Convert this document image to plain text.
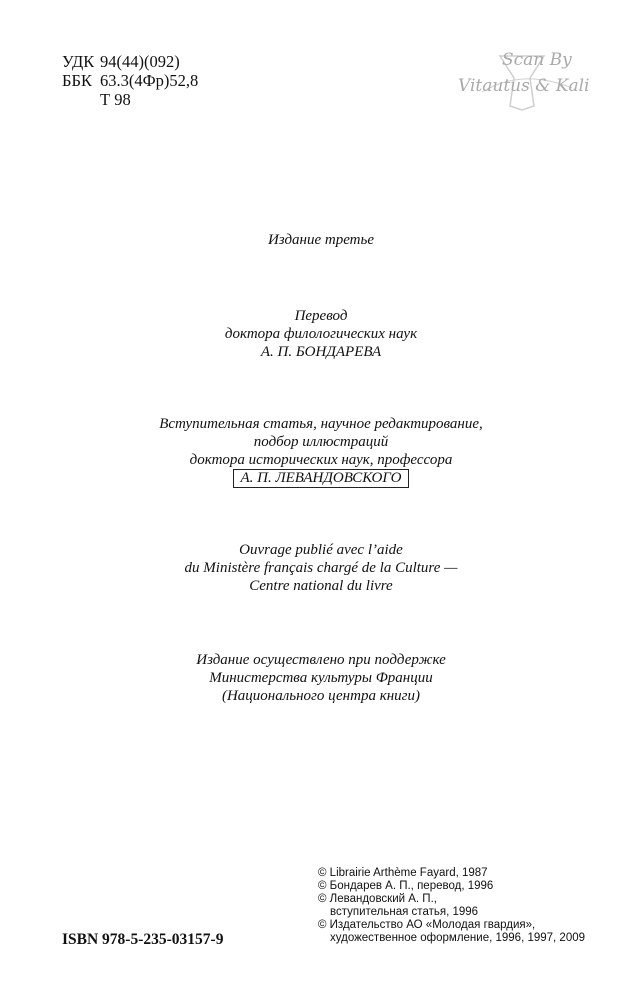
УДК 94(44)(092)
ББК 63.3(4Фр)52,8
Т 98
Scan By
Vitautus & Kali
Издание третье
Перевод
доктора филологических наук
А. П. БОНДАРЕВА
Вступительная статья, научное редактирование,
подбор иллюстраций
доктора исторических наук, профессора
А. П. ЛЕВАНДОВСКОГО
Ouvrage publié avec l’aide
du Ministère français chargé de la Culture —
Centre national du livre
Издание осуществлено при поддержке
Министерства культуры Франции
(Национального центра книги)
© Librairie Arthème Fayard, 1987
© Бондарев А. П., перевод, 1996
© Левандовский А. П.,
вступительная статья, 1996
© Издательство АО «Молодая гвардия»,
художественное оформление, 1996, 1997, 2009
ISBN 978-5-235-03157-9
